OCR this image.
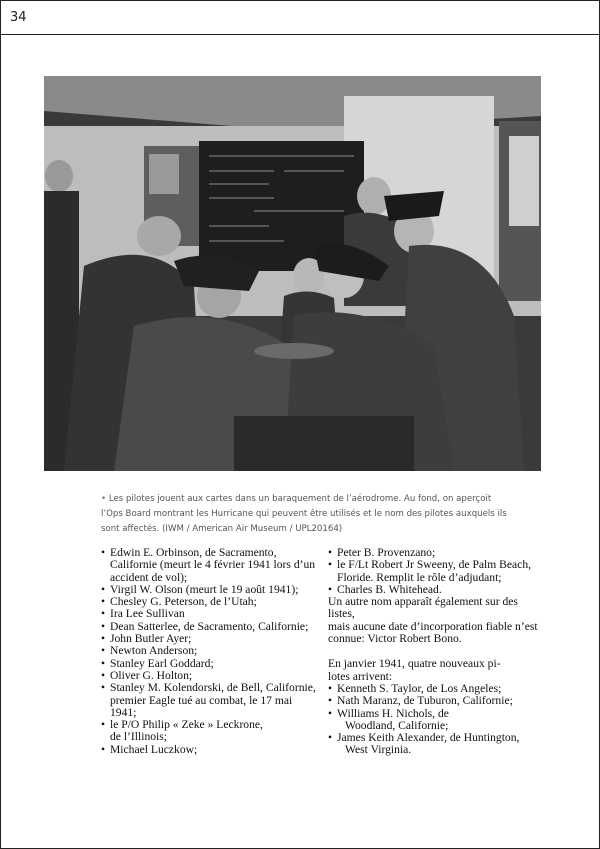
34
• Les pilotes jouent aux cartes dans un baraquement de l’aérodrome. Au fond, on aperçoit
l’Ops Board montrant les Hurricane qui peuvent être utilisés et le nom des pilotes auxquels ils
sont affectés. (IWM / American Air Museum / UPL20164)
• Edwin E. Orbinson, de Sacramento,
Californie (meurt le 4 février 1941 lors d’un
accident de vol);
• Virgil W. Olson (meurt le 19 août 1941);
• Chesley G. Peterson, de l’Utah;
• Ira Lee Sullivan
• Dean Satterlee, de Sacramento, Californie;
• John Butler Ayer;
• Newton Anderson;
• Stanley Earl Goddard;
• Oliver G. Holton;
• Stanley M. Kolendorski, de Bell, Californie,
premier Eagle tué au combat, le 17 mai 1941;
• le P/O Philip « Zeke » Leckrone,
de l’Illinois;
• Michael Luczkow;
• Peter B. Provenzano;
• le F/Lt Robert Jr Sweeny, de Palm Beach,
Floride. Remplit le rôle d’adjudant;
• Charles B. Whitehead.

Un autre nom apparaît également sur des listes,
mais aucune date d’incorporation fiable n’est
connue: Victor Robert Bono.

En janvier 1941, quatre nouveaux pi-
lotes arrivent:

• Kenneth S. Taylor, de Los Angeles;
• Nath Maranz, de Tuburon, Californie;
• Williams H. Nichols, de

Woodland, Californie;
• James Keith Alexander, de Huntington,

West Virginia.
